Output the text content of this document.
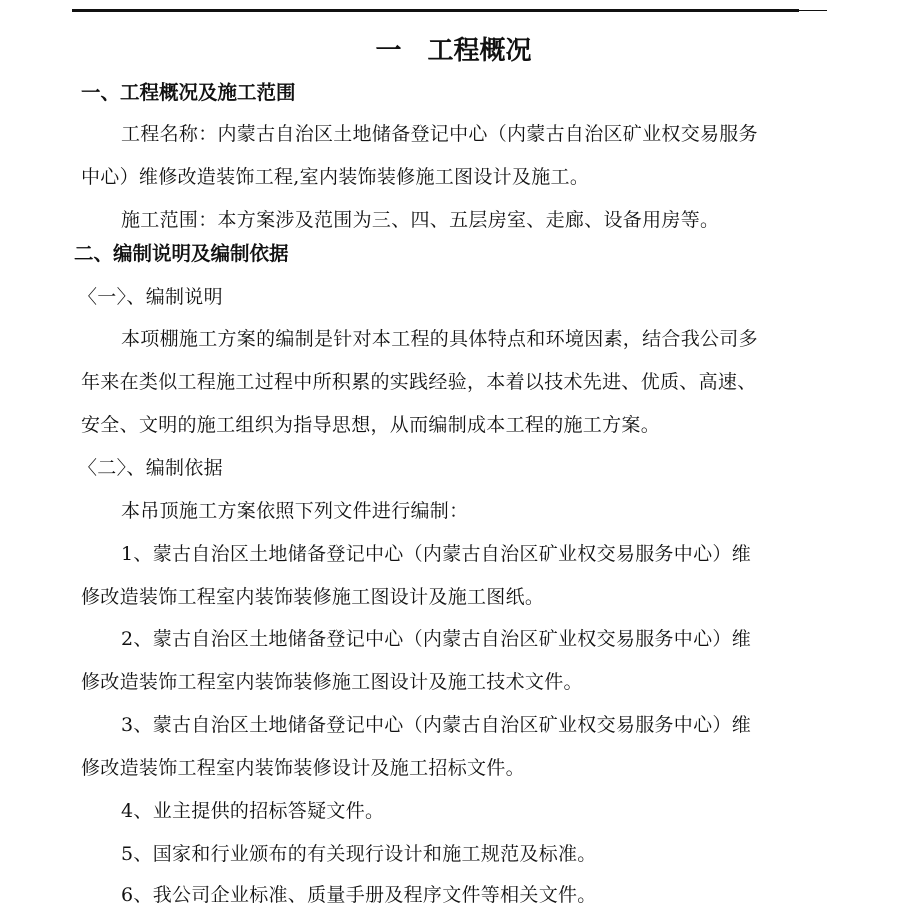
一 工程概况
一、工程概况及施工范围
工程名称：内蒙古自治区土地储备登记中心（内蒙古自治区矿业权交易服务
中心）维修改造装饰工程,室内装饰装修施工图设计及施工。
施工范围：本方案涉及范围为三、四、五层房室、走廊、设备用房等。
二、编制说明及编制依据
〈一〉、编制说明
本项棚施工方案的编制是针对本工程的具体特点和环境因素，结合我公司多
年来在类似工程施工过程中所积累的实践经验，本着以技术先进、优质、高速、
安全、文明的施工组织为指导思想，从而编制成本工程的施工方案。
〈二〉、编制依据
本吊顶施工方案依照下列文件进行编制：
1、蒙古自治区土地储备登记中心（内蒙古自治区矿业权交易服务中心）维
修改造装饰工程室内装饰装修施工图设计及施工图纸。
2、蒙古自治区土地储备登记中心（内蒙古自治区矿业权交易服务中心）维
修改造装饰工程室内装饰装修施工图设计及施工技术文件。
3、蒙古自治区土地储备登记中心（内蒙古自治区矿业权交易服务中心）维
修改造装饰工程室内装饰装修设计及施工招标文件。
4、业主提供的招标答疑文件。
5、国家和行业颁布的有关现行设计和施工规范及标准。
6、我公司企业标准、质量手册及程序文件等相关文件。
